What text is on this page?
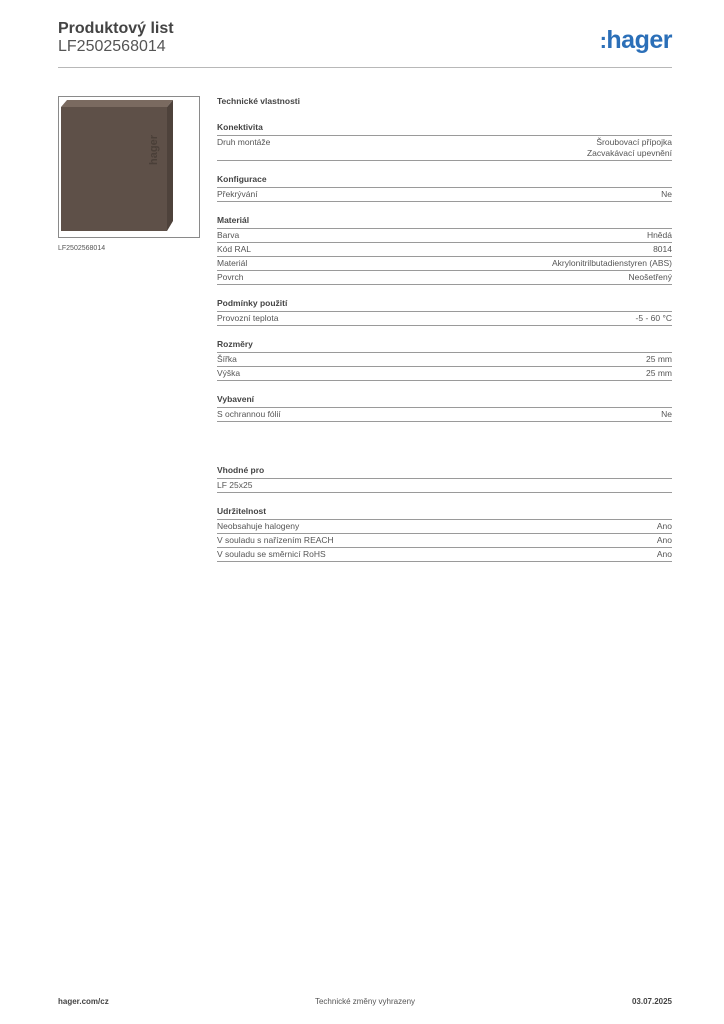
Produktový list
LF2502568014	:hager
hager
LF2502568014
Technické vlastnosti
Konektivita
Druh montáže	Šroubovací přípojka
Zacvakávací upevnění
Konfigurace
Překrývání	Ne
Materiál
Barva	Hnědá
Kód RAL	8014
Materiál	Akrylonitrilbutadienstyren (ABS)
Povrch	Neošetřený
Podmínky použití
Provozní teplota	-5 - 60 °C
Rozměry
Šířka	25 mm
Výška	25 mm
Vybavení
S ochrannou fólií	Ne
Vhodné pro
LF 25x25
Udržitelnost
Neobsahuje halogeny	Ano
V souladu s nařízením REACH	Ano
V souladu se směrnicí RoHS	Ano
hager.com/cz	Technické změny vyhrazeny	03.07.2025
